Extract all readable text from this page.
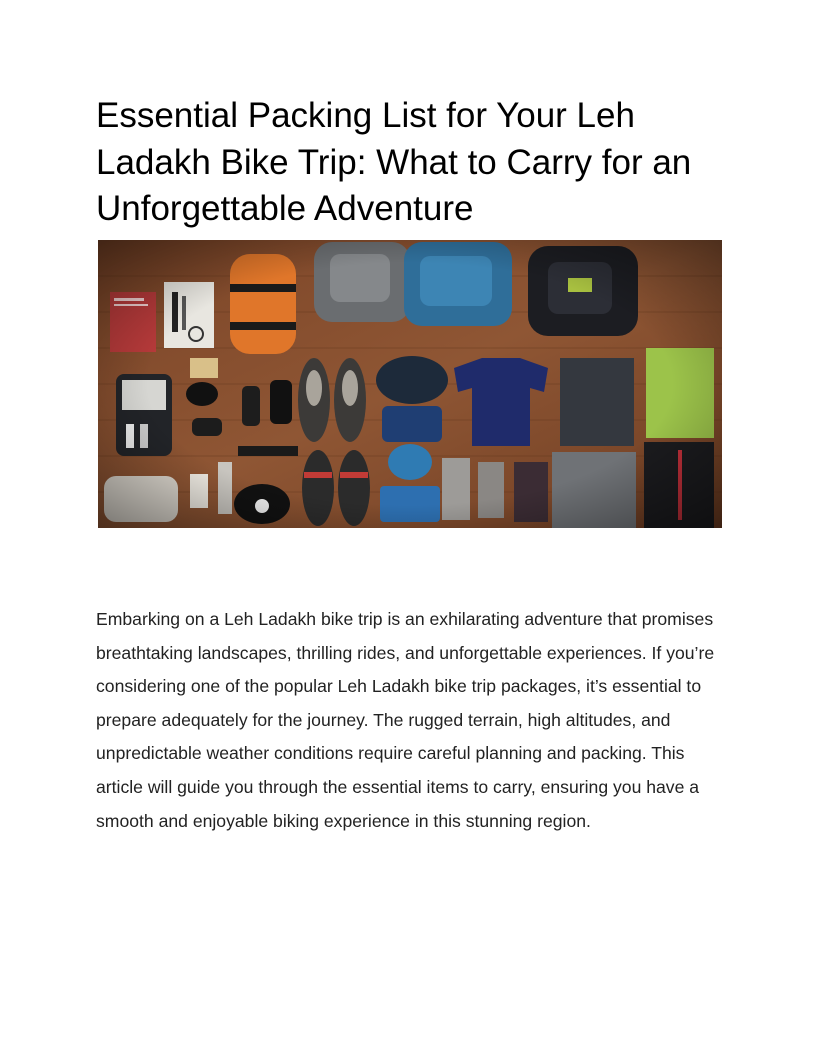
Essential Packing List for Your Leh Ladakh Bike Trip: What to Carry for an Unforgettable Adventure

Embarking on a Leh Ladakh bike trip is an exhilarating adventure that promises breathtaking landscapes, thrilling rides, and unforgettable experiences. If you’re considering one of the popular Leh Ladakh bike trip packages, it’s essential to prepare adequately for the journey. The rugged terrain, high altitudes, and unpredictable weather conditions require careful planning and packing. This article will guide you through the essential items to carry, ensuring you have a smooth and enjoyable biking experience in this stunning region.
